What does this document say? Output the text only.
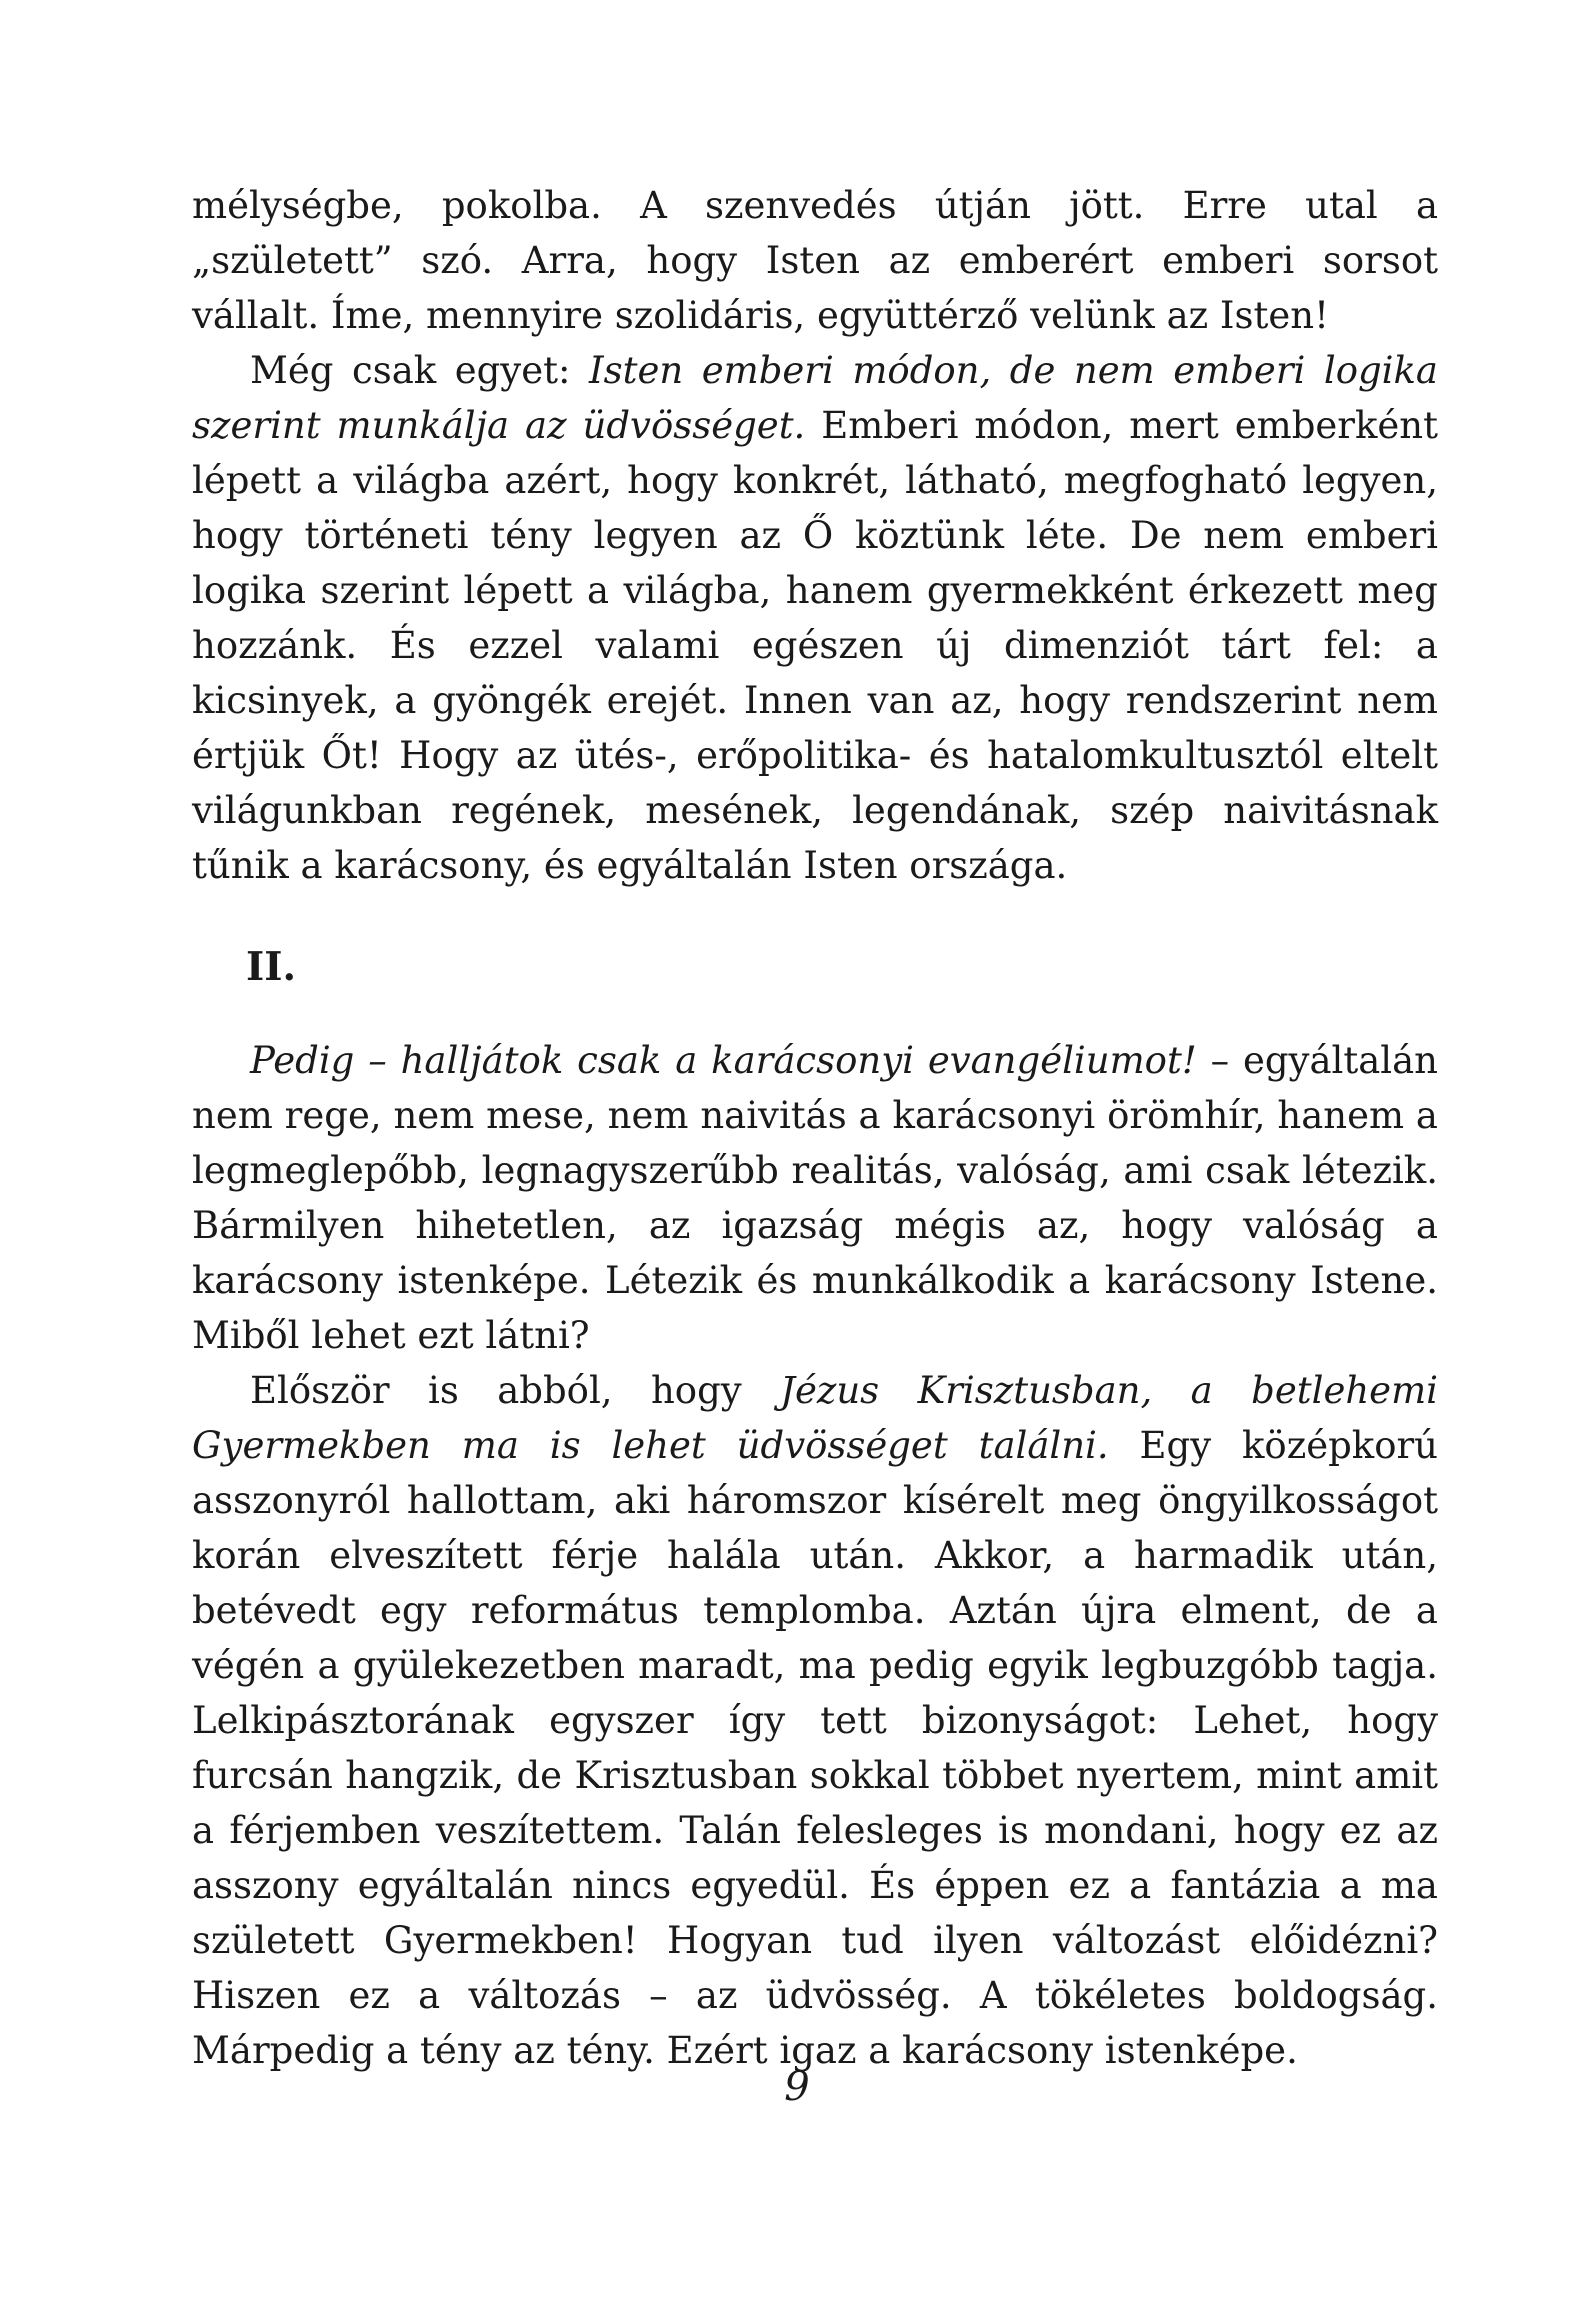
mélységbe, pokolba. A szenvedés útján jött. Erre utal a „született” szó. Arra, hogy Isten az emberért emberi sorsot vállalt. Íme, mennyire szolidáris, együttérző velünk az Isten!

Még csak egyet: Isten emberi módon, de nem emberi logika szerint munkálja az üdvösséget. Emberi módon, mert emberként lépett a világba azért, hogy konkrét, látható, megfogható legyen, hogy történeti tény legyen az Ő köztünk léte. De nem emberi logika szerint lépett a világba, hanem gyermekként érkezett meg hozzánk. És ezzel valami egészen új dimenziót tárt fel: a kicsinyek, a gyöngék erejét. Innen van az, hogy rendszerint nem értjük Őt! Hogy az ütés-, erőpolitika- és hatalomkultusztól eltelt világunkban regének, mesének, legendának, szép naivitásnak tűnik a karácsony, és egyáltalán Isten országa.

II.

Pedig – halljátok csak a karácsonyi evangéliumot! – egyáltalán nem rege, nem mese, nem naivitás a karácsonyi örömhír, hanem a legmeglepőbb, legnagyszerűbb realitás, valóság, ami csak létezik. Bármilyen hihetetlen, az igazság mégis az, hogy valóság a karácsony istenképe. Létezik és munkálkodik a karácsony Istene. Miből lehet ezt látni?

Először is abból, hogy Jézus Krisztusban, a betlehemi Gyermekben ma is lehet üdvösséget találni. Egy középkorú asszonyról hallottam, aki háromszor kísérelt meg öngyilkosságot korán elveszített férje halála után. Akkor, a harmadik után, betévedt egy református templomba. Aztán újra elment, de a végén a gyülekezetben maradt, ma pedig egyik legbuzgóbb tagja. Lelkipásztorának egyszer így tett bizonyságot: Lehet, hogy furcsán hangzik, de Krisztusban sokkal többet nyertem, mint amit a férjemben veszítettem. Talán felesleges is mondani, hogy ez az asszony egyáltalán nincs egyedül. És éppen ez a fantázia a ma született Gyermekben! Hogyan tud ilyen változást előidézni? Hiszen ez a változás – az üdvösség. A tökéletes boldogság. Márpedig a tény az tény. Ezért igaz a karácsony istenképe.

9
